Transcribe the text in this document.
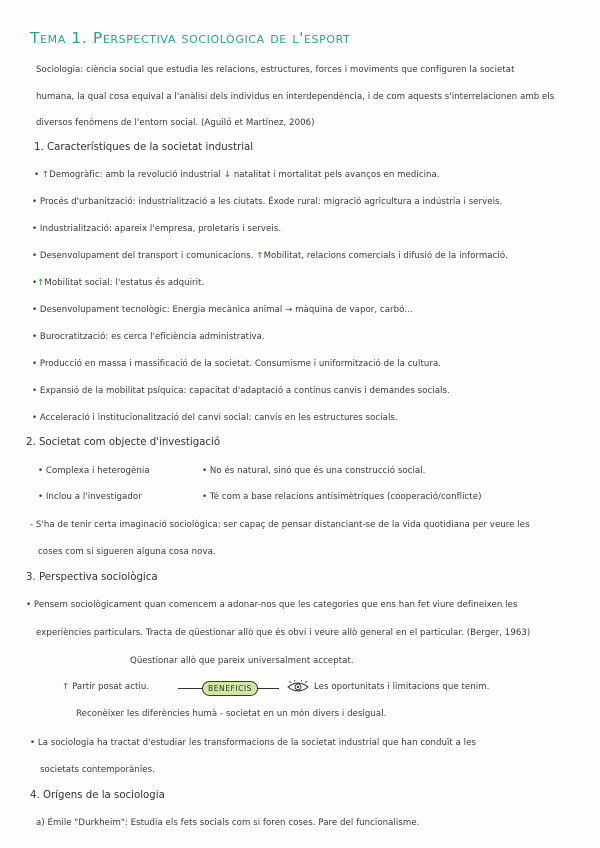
Tema 1. Perspectiva sociològica de l'esport
Sociologia: ciència social que estudia les relacions, estructures, forces i moviments que configuren la societat
humana, la qual cosa equival a l'anàlisi dels individus en interdependència, i de com aquests s'interrelacionen amb els
diversos fenòmens de l'entorn social. (Aguiló et Martínez, 2006)
1. Característiques de la societat industrial
• ↑Demogràfic: amb la revolució industrial ↓ natalitat i mortalitat pels avanços en medicina.
• Procés d'urbanització: industrialització a les ciutats. Èxode rural: migració agricultura a indústria i serveis.
• Industrialització: apareix l'empresa, proletaris i serveis.
• Desenvolupament del transport i comunicacions. ↑Mobilitat, relacions comercials i difusió de la informació.
•↑Mobilitat social: l'estatus és adquirit.
• Desenvolupament tecnològic: Energia mecànica animal → màquina de vapor, carbó...
• Burocratització: es cerca l'eficiència administrativa.
• Producció en massa i massificació de la societat. Consumisme i uniformització de la cultura.
• Expansió de la mobilitat psíquica: capacitat d'adaptació a continus canvis i demandes socials.
• Acceleració i institucionalització del canvi social: canvis en les estructures socials.
2. Societat com objecte d'investigació
• Complexa i heterogènia	• No és natural, sinó que és una construcció social.
• Inclou a l'investigador	• Té com a base relacions antisimètriques (cooperació/conflicte)
- S'ha de tenir certa imaginació sociològica: ser capaç de pensar distanciant-se de la vida quotidiana per veure les
coses com si sigueren alguna cosa nova.
3. Perspectiva sociològica
• Pensem sociològicament quan comencem a adonar-nos que les categories que ens han fet viure defineixen les
experiències particulars. Tracta de qüestionar allò que és obvi i veure allò general en el particular. (Berger, 1963)
Qüestionar allò que pareix universalment acceptat.
↑ Partir posat actiu.	BENEFICIS	Les oportunitats i limitacions que tenim.
Reconèixer les diferències humà - societat en un món divers i desigual.
• La sociologia ha tractat d'estudiar les transformacions de la societat industrial que han conduït a les
societats contemporànies.
4. Orígens de la sociologia
a) Émile "Durkheim": Estudia els fets socials com si foren coses. Pare del funcionalisme.
